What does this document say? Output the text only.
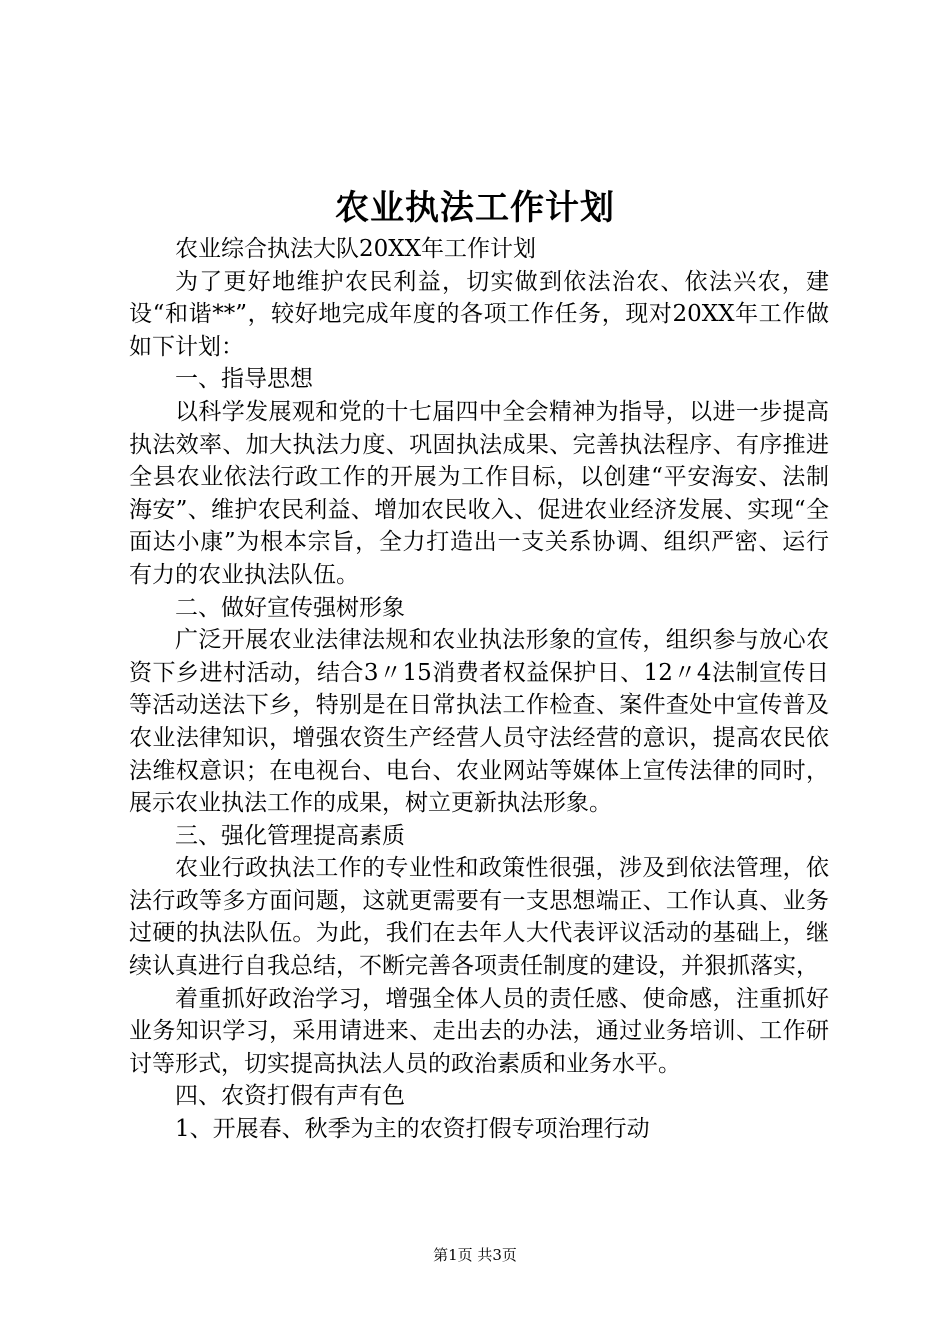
农业执法工作计划

农业综合执法大队20XX年工作计划

为了更好地维护农民利益，切实做到依法治农、依法兴农，建设“和谐**”，较好地完成年度的各项工作任务，现对20XX年工作做如下计划：

一、指导思想

以科学发展观和党的十七届四中全会精神为指导，以进一步提高执法效率、加大执法力度、巩固执法成果、完善执法程序、有序推进全县农业依法行政工作的开展为工作目标，以创建“平安海安、法制海安”、维护农民利益、增加农民收入、促进农业经济发展、实现“全面达小康”为根本宗旨，全力打造出一支关系协调、组织严密、运行有力的农业执法队伍。

二、做好宣传强树形象

广泛开展农业法律法规和农业执法形象的宣传，组织参与放心农资下乡进村活动，结合3〃15消费者权益保护日、12〃4法制宣传日等活动送法下乡，特别是在日常执法工作检查、案件查处中宣传普及农业法律知识，增强农资生产经营人员守法经营的意识，提高农民依法维权意识；在电视台、电台、农业网站等媒体上宣传法律的同时，展示农业执法工作的成果，树立更新执法形象。

三、强化管理提高素质

农业行政执法工作的专业性和政策性很强，涉及到依法管理，依法行政等多方面问题，这就更需要有一支思想端正、工作认真、业务过硬的执法队伍。为此，我们在去年人大代表评议活动的基础上，继续认真进行自我总结，不断完善各项责任制度的建设，并狠抓落实，

着重抓好政治学习，增强全体人员的责任感、使命感，注重抓好业务知识学习，采用请进来、走出去的办法，通过业务培训、工作研讨等形式，切实提高执法人员的政治素质和业务水平。

四、农资打假有声有色

1、开展春、秋季为主的农资打假专项治理行动

第1页 共3页
